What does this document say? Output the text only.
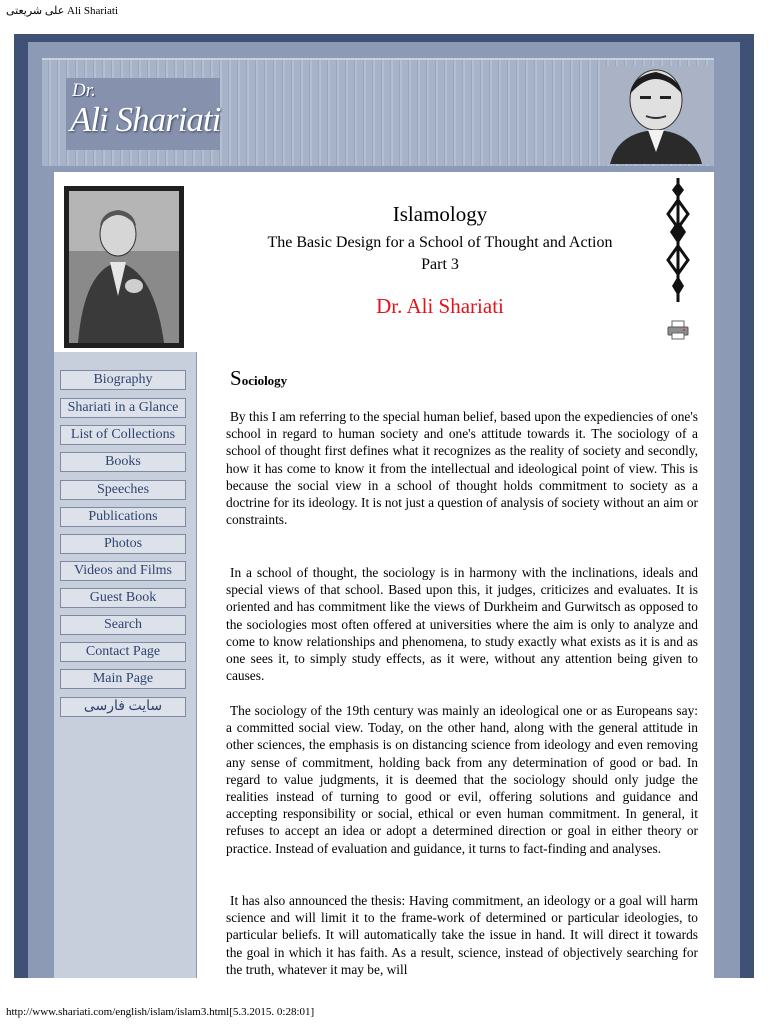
علی شریعتی Ali Shariati
Dr.
Ali Shariati
Biography
Shariati in a Glance
List of Collections
Books
Speeches
Publications
Photos
Videos and Films
Guest Book
Search
Contact Page
Main Page
سایت فارسی
Islamology
The Basic Design for a School of Thought and Action
Part 3
Dr. Ali Shariati
Sociology

By this I am referring to the special human belief, based upon the expediencies of one's school in regard to human society and one's attitude towards it. The sociology of a school of thought first defines what it recognizes as the reality of society and secondly, how it has come to know it from the intellectual and ideological point of view. This is because the social view in a school of thought holds commitment to society as a doctrine for its ideology. It is not just a question of analysis of society without an aim or constraints.

In a school of thought, the sociology is in harmony with the inclinations, ideals and special views of that school. Based upon this, it judges, criticizes and evaluates. It is oriented and has commitment like the views of Durkheim and Gurwitsch as opposed to the sociologies most often offered at universities where the aim is only to analyze and come to know relationships and phenomena, to study exactly what exists as it is and as one sees it, to simply study effects, as it were, without any attention being given to causes.

The sociology of the 19th century was mainly an ideological one or as Europeans say: a committed social view. Today, on the other hand, along with the general attitude in other sciences, the emphasis is on distancing science from ideology and even removing any sense of commitment, holding back from any determination of good or bad. In regard to value judgments, it is deemed that the sociology should only judge the realities instead of turning to good or evil, offering solutions and guidance and accepting responsibility or social, ethical or even human commitment. In general, it refuses to accept an idea or adopt a determined direction or goal in either theory or practice. Instead of evaluation and guidance, it turns to fact-finding and analyses.

It has also announced the thesis: Having commitment, an ideology or a goal will harm science and will limit it to the frame-work of determined or particular ideologies, to particular beliefs. It will automatically take the issue in hand. It will direct it towards the goal in which it has faith. As a result, science, instead of objectively searching for the truth, whatever it may be, will

http://www.shariati.com/english/islam/islam3.html[5.3.2015. 0:28:01]
